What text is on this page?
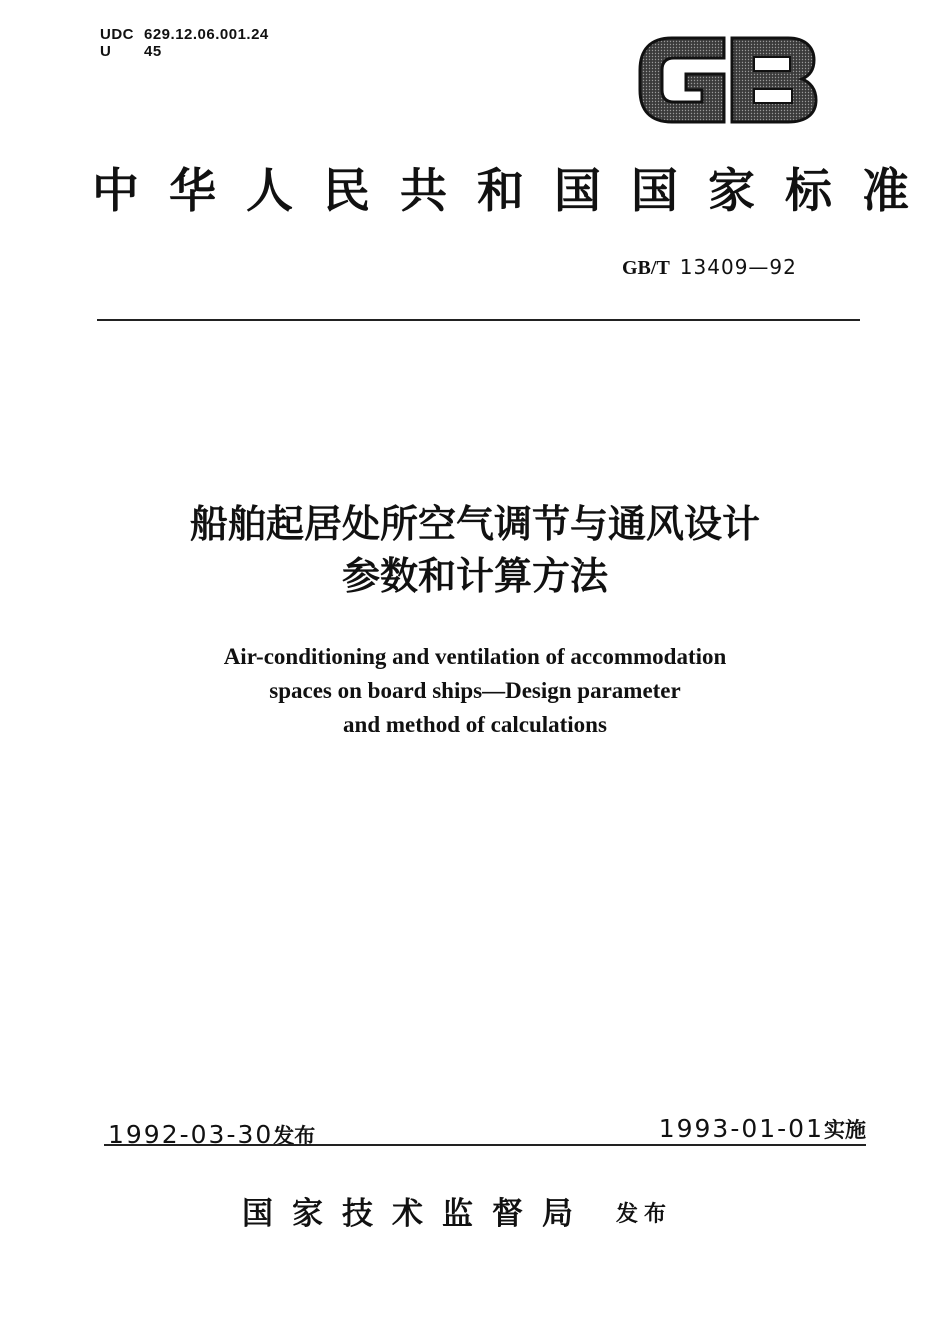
UDC 629.12.06.001.24
U 45
中华人民共和国国家标准
GB/T 13409—92
船舶起居处所空气调节与通风设计
参数和计算方法
Air-conditioning and ventilation of accommodation
spaces on board ships—Design parameter
and method of calculations
1992-03-30发布	1993-01-01实施
国家技术监督局 发布
